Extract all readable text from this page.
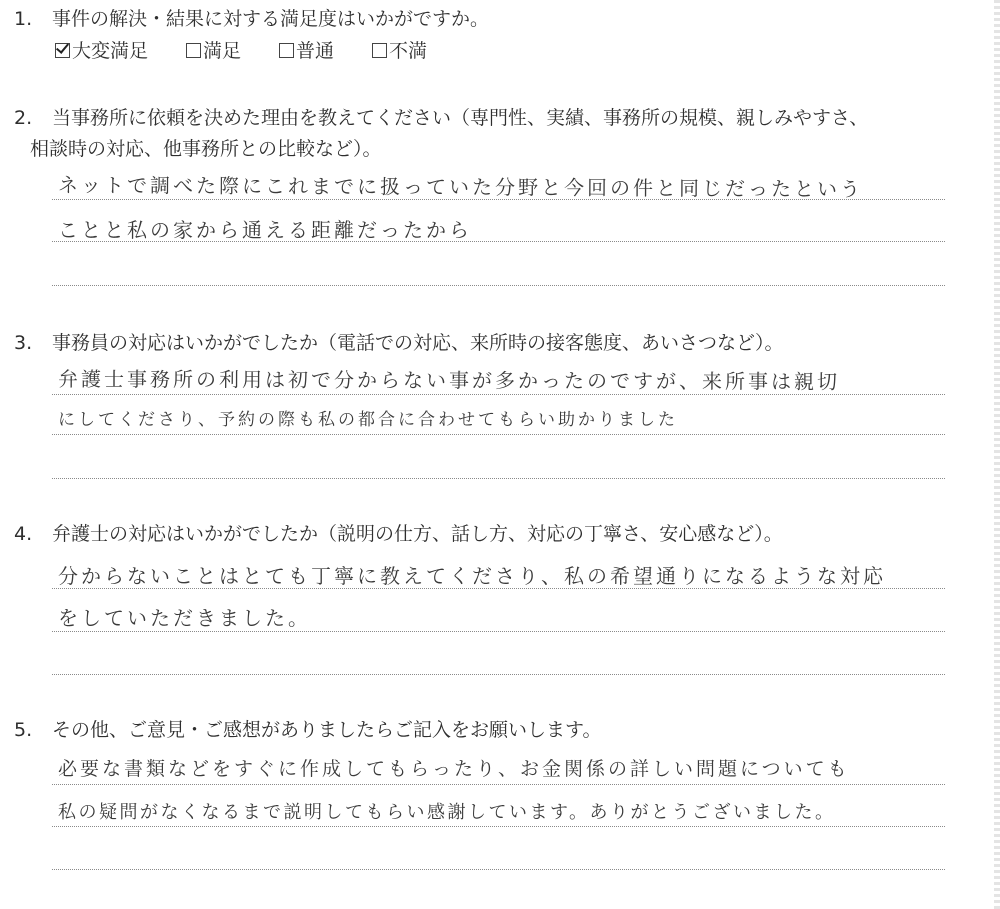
1. 事件の解決・結果に対する満足度はいかがですか。
大変満足	満足	普通	不満
2. 当事務所に依頼を決めた理由を教えてください（専門性、実績、事務所の規模、親しみやすさ、
相談時の対応、他事務所との比較など）。
ネットで調べた際にこれまでに扱っていた分野と今回の件と同じだったという
ことと私の家から通える距離だったから
3. 事務員の対応はいかがでしたか（電話での対応、来所時の接客態度、あいさつなど）。
弁護士事務所の利用は初で分からない事が多かったのですが、来所事は親切
にしてくださり、予約の際も私の都合に合わせてもらい助かりました
4. 弁護士の対応はいかがでしたか（説明の仕方、話し方、対応の丁寧さ、安心感など）。
分からないことはとても丁寧に教えてくださり、私の希望通りになるような対応
をしていただきました。
5. その他、ご意見・ご感想がありましたらご記入をお願いします。
必要な書類などをすぐに作成してもらったり、お金関係の詳しい問題についても
私の疑問がなくなるまで説明してもらい感謝しています。ありがとうございました。
